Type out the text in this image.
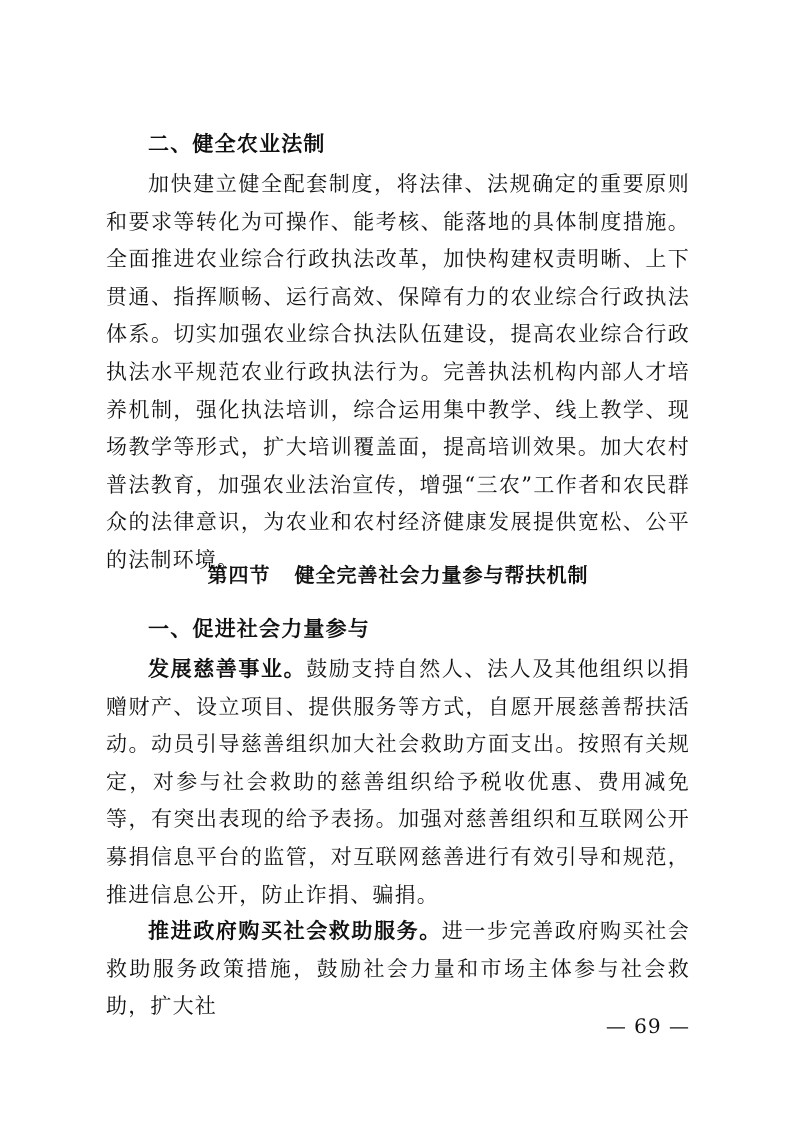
二、健全农业法制

加快建立健全配套制度，将法律、法规确定的重要原则和要求等转化为可操作、能考核、能落地的具体制度措施。全面推进农业综合行政执法改革，加快构建权责明晰、上下贯通、指挥顺畅、运行高效、保障有力的农业综合行政执法体系。切实加强农业综合执法队伍建设，提高农业综合行政执法水平规范农业行政执法行为。完善执法机构内部人才培养机制，强化执法培训，综合运用集中教学、线上教学、现场教学等形式，扩大培训覆盖面，提高培训效果。加大农村普法教育，加强农业法治宣传，增强“三农”工作者和农民群众的法律意识，为农业和农村经济健康发展提供宽松、公平的法制环境。

第四节 健全完善社会力量参与帮扶机制
一、促进社会力量参与

发展慈善事业。鼓励支持自然人、法人及其他组织以捐赠财产、设立项目、提供服务等方式，自愿开展慈善帮扶活动。动员引导慈善组织加大社会救助方面支出。按照有关规定，对参与社会救助的慈善组织给予税收优惠、费用减免等，有突出表现的给予表扬。加强对慈善组织和互联网公开募捐信息平台的监管，对互联网慈善进行有效引导和规范，推进信息公开，防止诈捐、骗捐。

推进政府购买社会救助服务。进一步完善政府购买社会救助服务政策措施，鼓励社会力量和市场主体参与社会救助，扩大社

— 69 —
